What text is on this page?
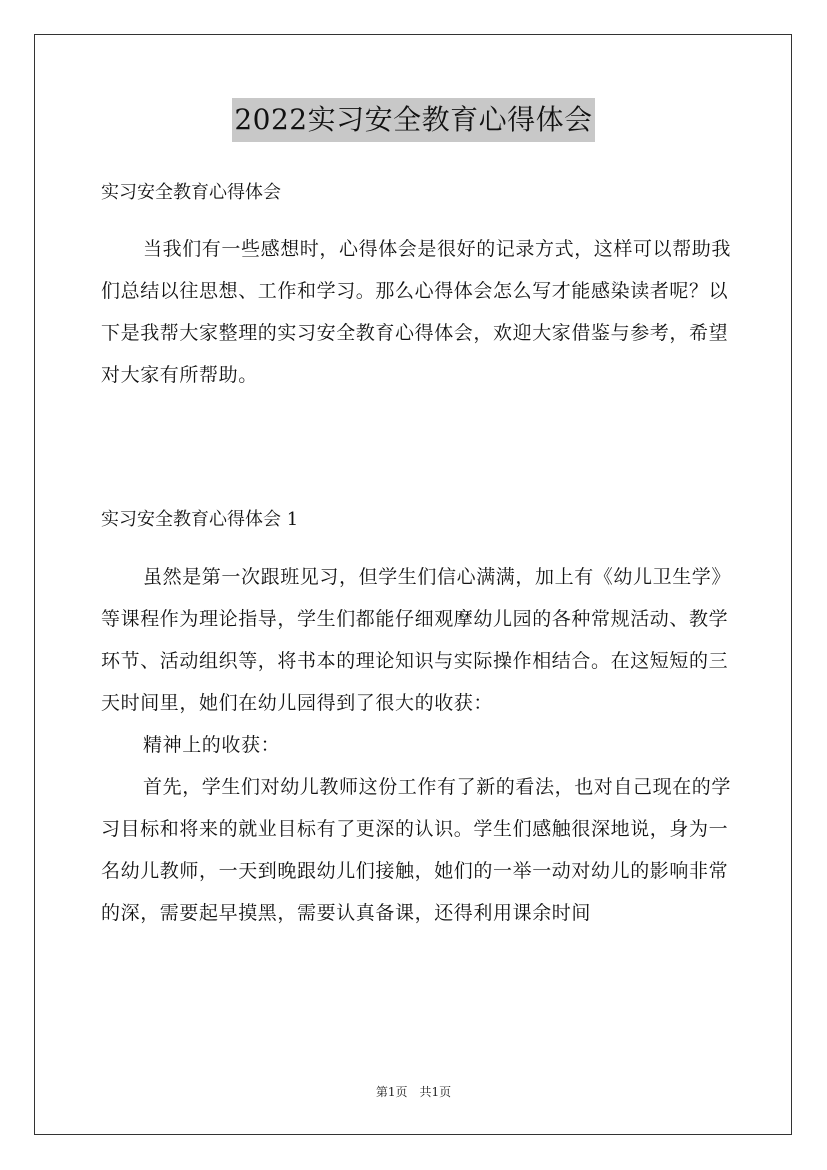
2022实习安全教育心得体会
实习安全教育心得体会

当我们有一些感想时，心得体会是很好的记录方式，这样可以帮助我们总结以往思想、工作和学习。那么心得体会怎么写才能感染读者呢？以下是我帮大家整理的实习安全教育心得体会，欢迎大家借鉴与参考，希望对大家有所帮助。

实习安全教育心得体会 1

虽然是第一次跟班见习，但学生们信心满满，加上有《幼儿卫生学》等课程作为理论指导，学生们都能仔细观摩幼儿园的各种常规活动、教学环节、活动组织等，将书本的理论知识与实际操作相结合。在这短短的三天时间里，她们在幼儿园得到了很大的收获：

精神上的收获：

首先，学生们对幼儿教师这份工作有了新的看法，也对自己现在的学习目标和将来的就业目标有了更深的认识。学生们感触很深地说，身为一名幼儿教师，一天到晚跟幼儿们接触，她们的一举一动对幼儿的影响非常的深，需要起早摸黑，需要认真备课，还得利用课余时间

第1页　共1页
